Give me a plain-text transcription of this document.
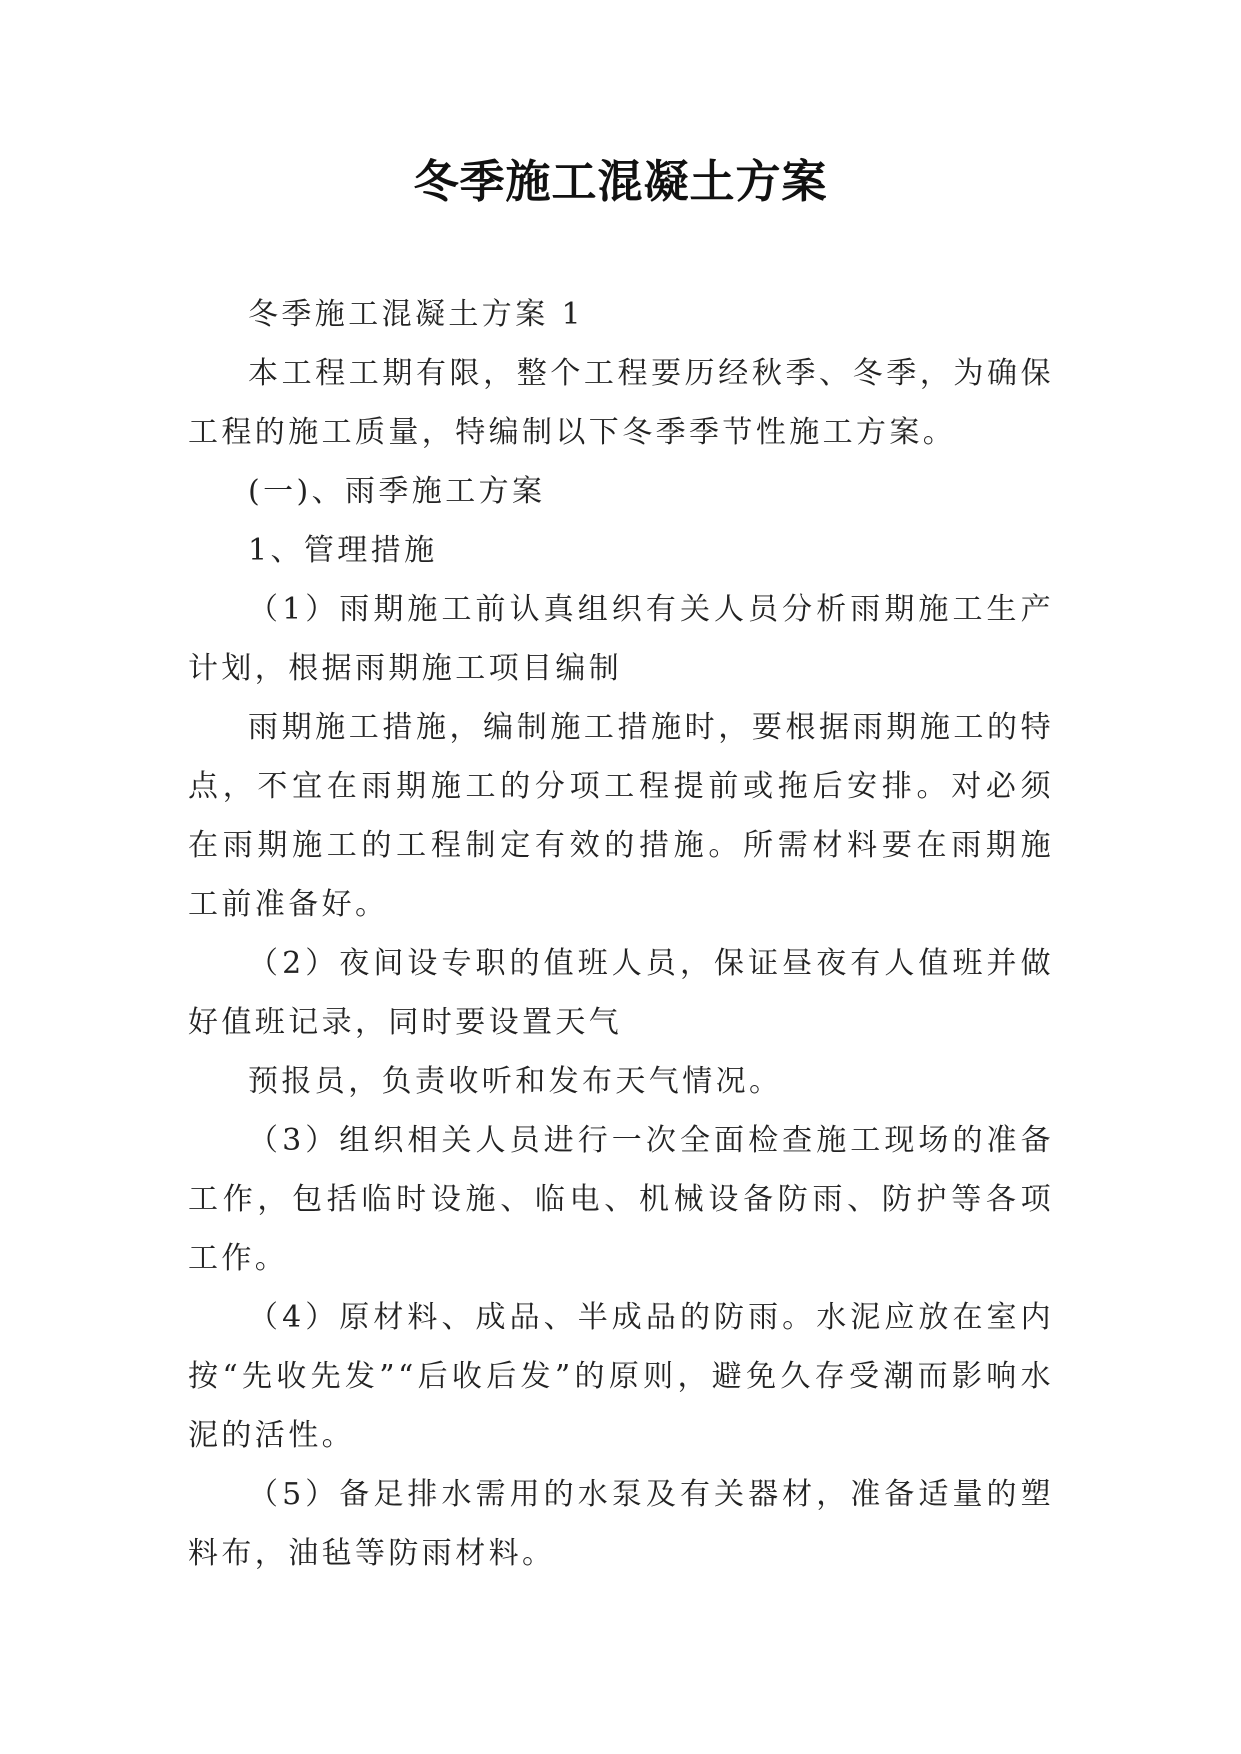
冬季施工混凝土方案

冬季施工混凝土方案 1

本工程工期有限，整个工程要历经秋季、冬季，为确保工程的施工质量，特编制以下冬季季节性施工方案。

(一)、雨季施工方案

1、管理措施

（1）雨期施工前认真组织有关人员分析雨期施工生产计划，根据雨期施工项目编制

雨期施工措施，编制施工措施时，要根据雨期施工的特点，不宜在雨期施工的分项工程提前或拖后安排。对必须在雨期施工的工程制定有效的措施。所需材料要在雨期施工前准备好。

（2）夜间设专职的值班人员，保证昼夜有人值班并做好值班记录，同时要设置天气

预报员，负责收听和发布天气情况。

（3）组织相关人员进行一次全面检查施工现场的准备工作，包括临时设施、临电、机械设备防雨、防护等各项工作。

（4）原材料、成品、半成品的防雨。水泥应放在室内按“先收先发”“后收后发”的原则，避免久存受潮而影响水泥的活性。

（5）备足排水需用的水泵及有关器材，准备适量的塑料布，油毡等防雨材料。
